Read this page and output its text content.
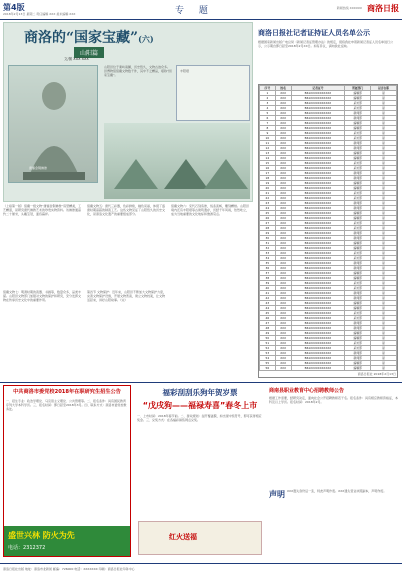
第4版
2018年2月13日 星期二 责任编辑 XXX 美术编辑 XXX	专 题	新闻热线 XXXXXX 商洛日报
商洛的“国家宝藏”(六)
山阳篇
文/图 XXX XXX
唐鎏金铜佛像
山阳县位于秦岭南麓，历史悠久，文物古迹众多。县博物馆馆藏文物数千件，其中不乏精品，堪称“国家宝藏”。
丰阳塔
商洛日报社记者证持证人员名单公示
根据国家新闻出版广电总局《新闻记者证管理办法》的规定，现将我社申领新闻记者证人员名单进行公示，公示期自即日起至2018年2月XX日。如有异议，请向我社反映。
序号	姓名	记者证号	所属部门	是否在职
1	XXX	B61XXXXXXXXXXX	编辑部	是
2	XXX	B61XXXXXXXXXXX	编辑部	是
3	XXX	B61XXXXXXXXXXX	采访部	是
4	XXX	B61XXXXXXXXXXX	采访部	是
5	XXX	B61XXXXXXXXXXX	新闻部	是
6	XXX	B61XXXXXXXXXXX	新闻部	是
7	XXX	B61XXXXXXXXXXX	编辑部	是
8	XXX	B61XXXXXXXXXXX	编辑部	是
9	XXX	B61XXXXXXXXXXX	采访部	是
10	XXX	B61XXXXXXXXXXX	采访部	是
11	XXX	B61XXXXXXXXXXX	新闻部	是
12	XXX	B61XXXXXXXXXXX	新闻部	是
13	XXX	B61XXXXXXXXXXX	编辑部	是
14	XXX	B61XXXXXXXXXXX	编辑部	是
15	XXX	B61XXXXXXXXXXX	采访部	是
16	XXX	B61XXXXXXXXXXX	采访部	是
17	XXX	B61XXXXXXXXXXX	新闻部	是
18	XXX	B61XXXXXXXXXXX	新闻部	是
19	XXX	B61XXXXXXXXXXX	编辑部	是
20	XXX	B61XXXXXXXXXXX	编辑部	是
21	XXX	B61XXXXXXXXXXX	采访部	是
22	XXX	B61XXXXXXXXXXX	采访部	是
23	XXX	B61XXXXXXXXXXX	新闻部	是
24	XXX	B61XXXXXXXXXXX	新闻部	是
25	XXX	B61XXXXXXXXXXX	编辑部	是
26	XXX	B61XXXXXXXXXXX	编辑部	是
27	XXX	B61XXXXXXXXXXX	采访部	是
28	XXX	B61XXXXXXXXXXX	采访部	是
29	XXX	B61XXXXXXXXXXX	新闻部	是
30	XXX	B61XXXXXXXXXXX	新闻部	是
31	XXX	B61XXXXXXXXXXX	编辑部	是
32	XXX	B61XXXXXXXXXXX	编辑部	是
33	XXX	B61XXXXXXXXXXX	采访部	是
34	XXX	B61XXXXXXXXXXX	采访部	是
35	XXX	B61XXXXXXXXXXX	新闻部	是
36	XXX	B61XXXXXXXXXXX	新闻部	是
37	XXX	B61XXXXXXXXXXX	编辑部	是
38	XXX	B61XXXXXXXXXXX	编辑部	是
39	XXX	B61XXXXXXXXXXX	采访部	是
40	XXX	B61XXXXXXXXXXX	采访部	是
41	XXX	B61XXXXXXXXXXX	新闻部	是
42	XXX	B61XXXXXXXXXXX	新闻部	是
43	XXX	B61XXXXXXXXXXX	编辑部	是
44	XXX	B61XXXXXXXXXXX	编辑部	是
45	XXX	B61XXXXXXXXXXX	采访部	是
46	XXX	B61XXXXXXXXXXX	采访部	是
47	XXX	B61XXXXXXXXXXX	新闻部	是
48	XXX	B61XXXXXXXXXXX	新闻部	是
49	XXX	B61XXXXXXXXXXX	编辑部	是
50	XXX	B61XXXXXXXXXXX	编辑部	是
51	XXX	B61XXXXXXXXXXX	采访部	是
52	XXX	B61XXXXXXXXXXX	采访部	是
53	XXX	B61XXXXXXXXXXX	新闻部	是
54	XXX	B61XXXXXXXXXXX	新闻部	是
55	XXX	B61XXXXXXXXXXX	编辑部	是
56	XXX	B61XXXXXXXXXXX	编辑部	是
商洛日报社 2018年2月13日
（上接第一版）馆藏一级文物“唐鎏金铜佛像”造型精美，工艺精湛，是研究唐代佛教艺术的珍贵实物资料。该佛像通高约二十厘米，头戴宝冠，面容慈祥。
馆藏文物五：唐代三彩器，色彩鲜艳，釉色亮丽，体现了盛唐时期高超的制瓷工艺。这些文物见证了山阳悠久的历史文化，是商洛文化遗产的重要组成部分。
馆藏文物六：宋代石刻造像，线条流畅，雕刻精细。山阳县境内还有丰阳塔等古建筑遗存，历经千年风雨，依然屹立，成为当地重要的文化地标和旅游景点。
馆藏文物七：明清时期的瓷器、书画等，数量众多，品类丰富。山阳县文物部门加强对文物的保护和研究，充分发挥文物在传承历史文化中的重要作用。
第四节 文物保护：近年来，山阳县不断加大文物保护力度，完善文物保护设施，开展文物普查，建立文物档案，让文物活起来，讲好山阳故事。（完）
中共商洛市委党校2018年在职研究生招生公告
一、招生专业：政治学理论、马克思主义理论、公共管理等。二、报名条件：具有国民教育序列大学本科学历。三、报名时间：即日起至2018年3月。四、联系方式：商洛市委党校教务处。
盛世兴林 防火为先
电话：2312372
福彩刮刮乐狗年贺岁票
“戊戌狗——福禄寿喜”春冬上市
一、上市时间：2018年春节前。二、游戏规则：刮开覆盖膜，如出现中奖符号，即可获得相应奖金。三、兑奖方式：在各福彩销售网点兑奖。
红火送福
商南县职业教育中心招聘教师公告
根据工作需要，经研究决定，面向社会公开招聘教师若干名。报名条件：具有相应教师资格证，本科及以上学历。报名时间：2018年2月。
声明 XXX遗失身份证一张，特此声明作废。XXX遗失营业执照副本，声明作废。
商洛日报社出版 地址：商洛市北新街 邮编：726000 电话：XXXXXXX 印刷：商洛日报社印务中心
